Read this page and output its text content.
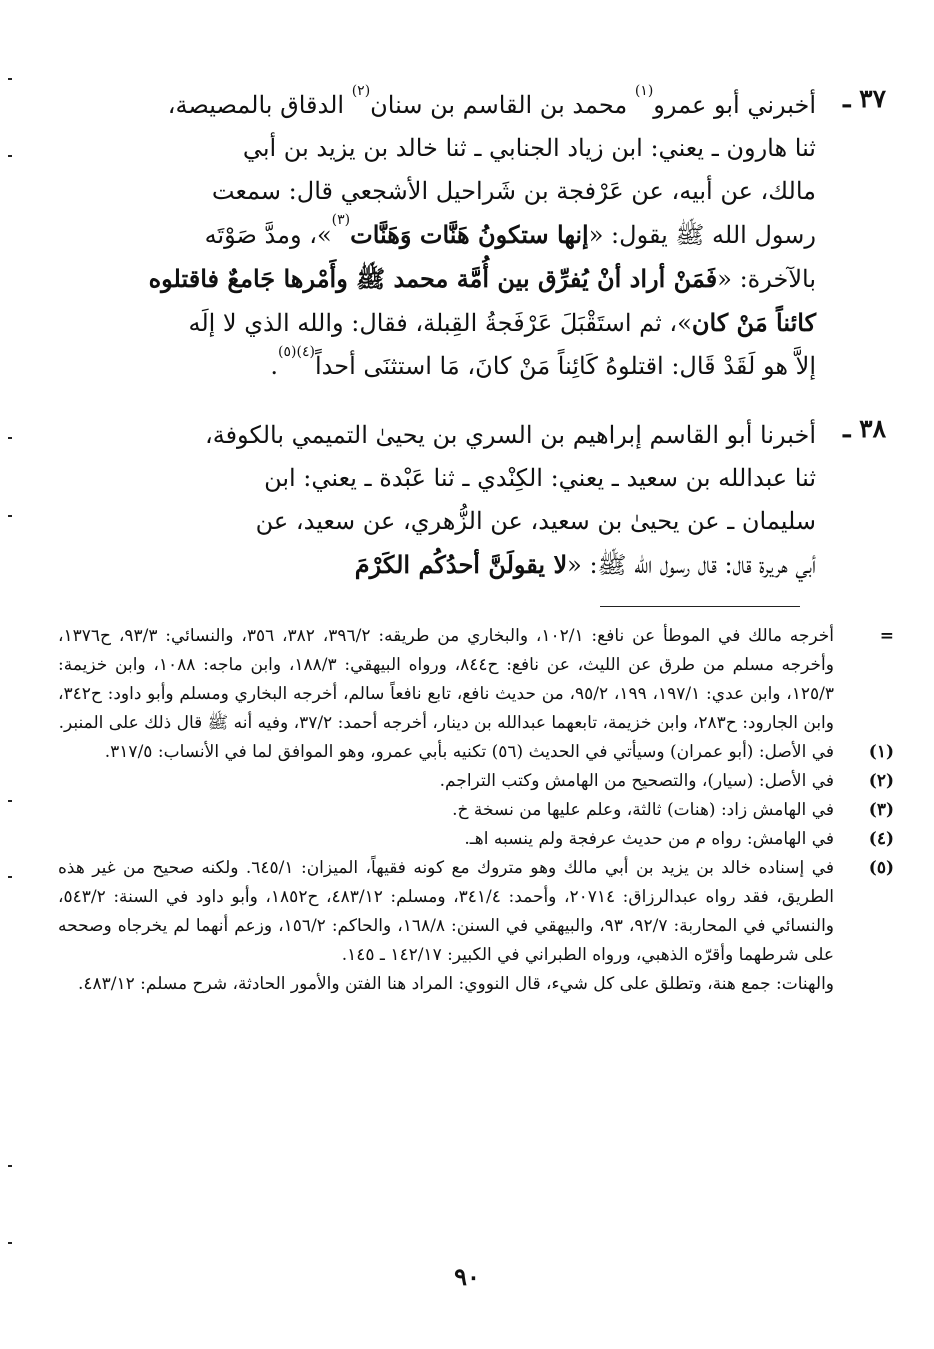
٣٧ ـ
أخبرني أبو عمرو$^{(١)}$ محمد بن القاسم بن سنان$^{(٢)}$ الدقاق بالمصيصة،
ثنا هارون ـ يعني: ابن زياد الجنابي ـ ثنا خالد بن يزيد بن أبي
مالك، عن أبيه، عن عَرْفجة بن شَراحيل الأشجعي قال: سمعت
رسول الله ﷺ يقول: «إنها ستكونُ هَنَّات وَهَنَّات$^{(٣)}$»، ومدَّ صَوْتَه
بالآخرة: «فَمَنْ أراد أنْ يُفرِّق بين أُمَّة محمد ﷺ وأَمْرها جَامعٌ فاقتلوه
كائناً مَنْ كان»، ثم استَقْبَلَ عَرْفَجةُ القِبلة، فقال: والله الذي لا إلَه
إلاَّ هو لَقَدْ قَال: اقتلوهُ كَائِناً مَنْ كانَ، مَا استثنَى أحداً$^{(٤)(٥)}$.
٣٨ ـ
أخبرنا أبو القاسم إبراهيم بن السري بن يحيىٰ التميمي بالكوفة،
ثنا عبدالله بن سعيد ـ يعني: الكِنْدي ـ ثنا عَبْدة ـ يعني: ابن
سليمان ـ عن يحيىٰ بن سعيد، عن الزُّهري، عن سعيد، عن
أبي هريرة قال: قال رسول الله ﷺ: «لا يقولَنَّ أحدُكُم الكَرْمَ
=
أخرجه مالك في الموطأ عن نافع: ١٠٢/١، والبخاري من طريقه: ٣٩٦/٢، ٣٨٢، ٣٥٦، والنسائي: ٩٣/٣، ح١٣٧٦، وأخرجه مسلم من طرق عن الليث، عن نافع: ح٨٤٤، ورواه البيهقي: ١٨٨/٣، وابن ماجه: ١٠٨٨، وابن خزيمة: ١٢٥/٣، وابن عدي: ١٩٧/١، ١٩٩، ٩٥/٢، من حديث نافع، تابع نافعاً سالم، أخرجه البخاري ومسلم وأبو داود: ح٣٤٢، وابن الجارود: ح٢٨٣، وابن خزيمة، تابعهما عبدالله بن دينار، أخرجه أحمد: ٣٧/٢، وفيه أنه ﷺ قال ذلك على المنبر.
(١)
في الأصل: (أبو عمران) وسيأتي في الحديث (٥٦) تكنيه بأبي عمرو، وهو الموافق لما في الأنساب: ٣١٧/٥.
(٢)
في الأصل: (سيار)، والتصحيح من الهامش وكتب التراجم.
(٣)
في الهامش زاد: (هنات) ثالثة، وعلم عليها من نسخة خ.
(٤)
في الهامش: رواه م من حديث عرفجة ولم ينسبه اهـ.
(٥)
في إسناده خالد بن يزيد بن أبي مالك وهو متروك مع كونه فقيهاً، الميزان: ٦٤٥/١. ولكنه صحيح من غير هذه الطريق، فقد رواه عبدالرزاق: ٢٠٧١٤، وأحمد: ٣٤١/٤، ومسلم: ٤٨٣/١٢، ح١٨٥٢، وأبو داود في السنة: ٥٤٣/٢، والنسائي في المحاربة: ٩٢/٧، ٩٣، والبيهقي في السنن: ١٦٨/٨، والحاكم: ١٥٦/٢، وزعم أنهما لم يخرجاه وصححه على شرطهما وأقرّه الذهبي، ورواه الطبراني في الكبير: ١٤٢/١٧ ـ ١٤٥.
والهنات: جمع هنة، وتطلق على كل شيء، قال النووي: المراد هنا الفتن والأمور الحادثة، شرح مسلم: ٤٨٣/١٢.
٩٠
